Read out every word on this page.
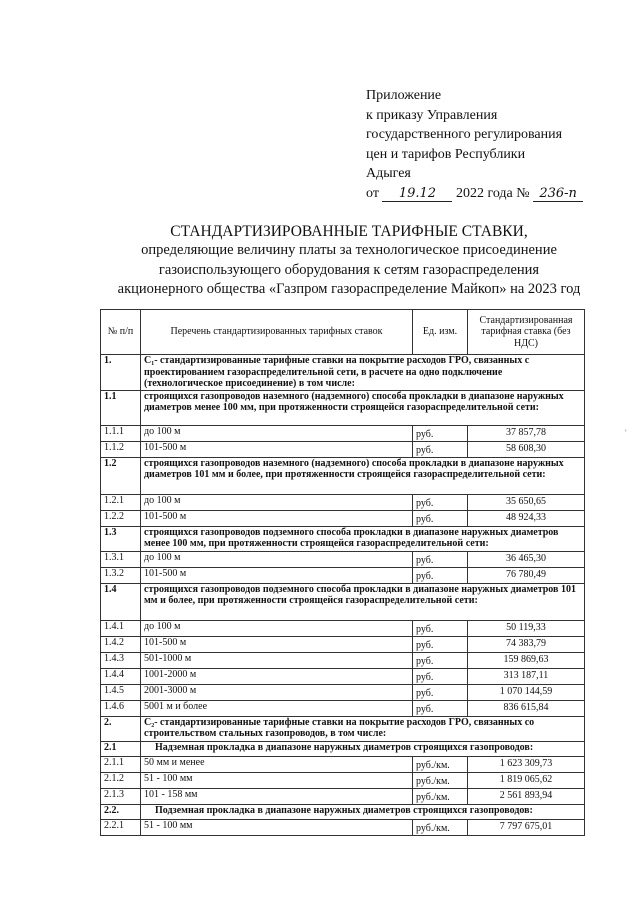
Приложение
к приказу Управления
государственного регулирования
цен и тарифов Республики
Адыгея
от 19.12 2022 года № 236-п
СТАНДАРТИЗИРОВАННЫЕ ТАРИФНЫЕ СТАВКИ,
определяющие величину платы за технологическое присоединение
газоиспользующего оборудования к сетям газораспределения
акционерного общества «Газпром газораспределение Майкоп» на 2023 год
№ п/п	Перечень стандартизированных тарифных ставок	Ед. изм.	Стандартизированная тарифная ставка (без НДС)
1.	С₁- стандартизированные тарифные ставки на покрытие расходов ГРО, связанных с проектированием газораспределительной сети, в расчете на одно подключение (технологическое присоединение) в том числе:		
1.1	строящихся газопроводов наземного (надземного) способа прокладки в диапазоне наружных диаметров менее 100 мм, при протяженности строящейся газораспределительной сети:		
1.1.1	до 100 м	руб.	37 857,78
1.1.2	101-500 м	руб.	58 608,30
1.2	строящихся газопроводов наземного (надземного) способа прокладки в диапазоне наружных диаметров 101 мм и более, при протяженности строящейся газораспределительной сети:		
1.2.1	до 100 м	руб.	35 650,65
1.2.2	101-500 м	руб.	48 924,33
1.3	строящихся газопроводов подземного способа прокладки в диапазоне наружных диаметров менее 100 мм, при протяженности строящейся газораспределительной сети:		
1.3.1	до 100 м	руб.	36 465,30
1.3.2	101-500 м	руб.	76 780,49
1.4	строящихся газопроводов подземного способа прокладки в диапазоне наружных диаметров 101 мм и более, при протяженности строящейся газораспределительной сети:		
1.4.1	до 100 м	руб.	50 119,33
1.4.2	101-500 м	руб.	74 383,79
1.4.3	501-1000 м	руб.	159 869,63
1.4.4	1001-2000 м	руб.	313 187,11
1.4.5	2001-3000 м	руб.	1 070 144,59
1.4.6	5001 м и более	руб.	836 615,84
2.	С₂- стандартизированные тарифные ставки на покрытие расходов ГРО, связанных со строительством стальных газопроводов, в том числе:		
2.1	Надземная прокладка в диапазоне наружных диаметров строящихся газопроводов:		
2.1.1	50 мм и менее	руб./км.	1 623 309,73
2.1.2	51 - 100 мм	руб./км.	1 819 065,62
2.1.3	101 - 158 мм	руб./км.	2 561 893,94
2.2.	Подземная прокладка в диапазоне наружных диаметров строящихся газопроводов:		
2.2.1	51 - 100 мм	руб./км.	7 797 675,01
'
